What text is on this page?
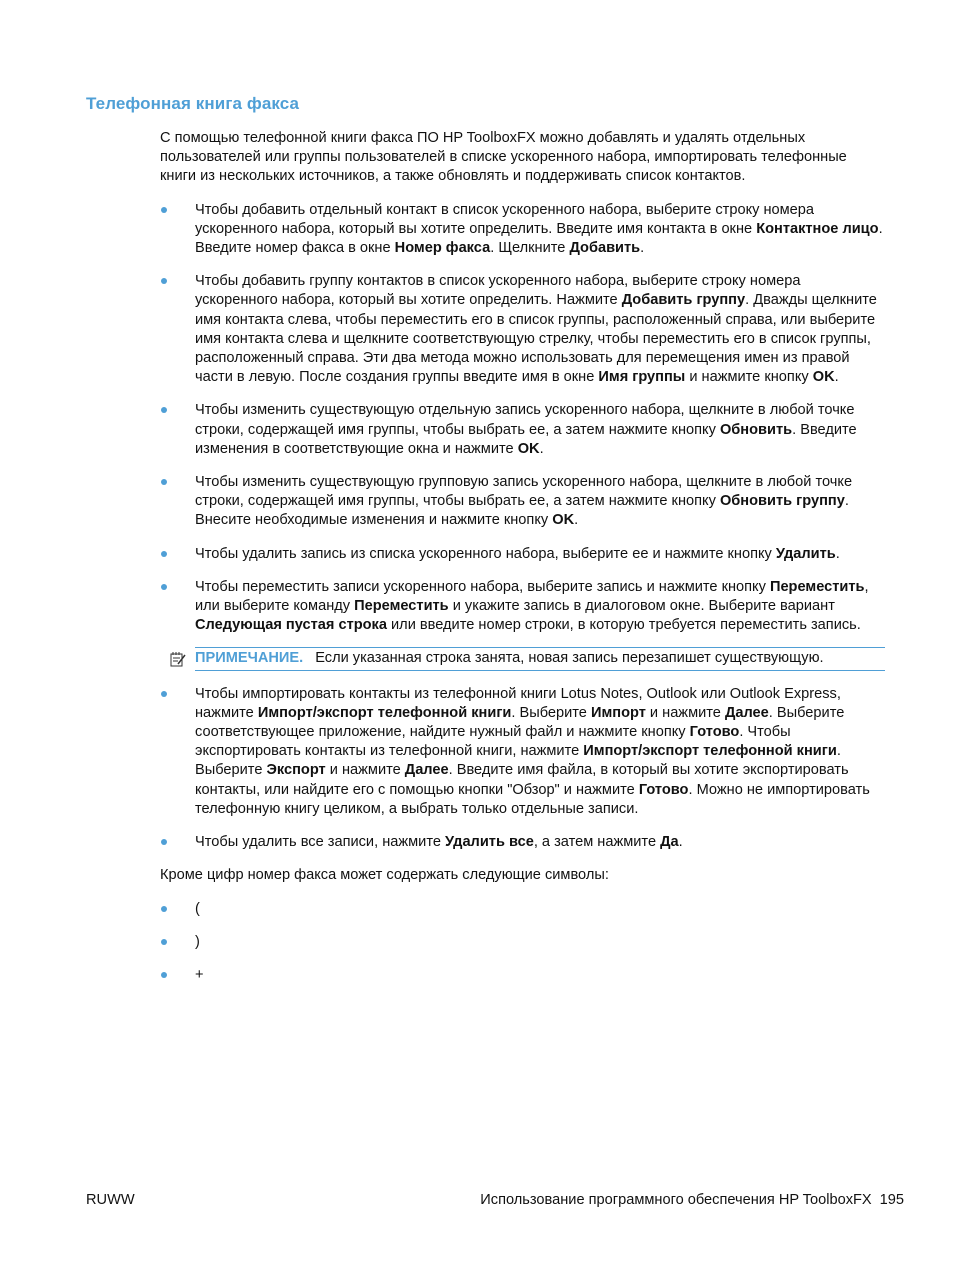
Телефонная книга факса

С помощью телефонной книги факса ПО HP ToolboxFX можно добавлять и удалять отдельных пользователей или группы пользователей в списке ускоренного набора, импортировать телефонные книги из нескольких источников, а также обновлять и поддерживать список контактов.

Чтобы добавить отдельный контакт в список ускоренного набора, выберите строку номера ускоренного набора, который вы хотите определить. Введите имя контакта в окне Контактное лицо. Введите номер факса в окне Номер факса. Щелкните Добавить.
Чтобы добавить группу контактов в список ускоренного набора, выберите строку номера ускоренного набора, который вы хотите определить. Нажмите Добавить группу. Дважды щелкните имя контакта слева, чтобы переместить его в список группы, расположенный справа, или выберите имя контакта слева и щелкните соответствующую стрелку, чтобы переместить его в список группы, расположенный справа. Эти два метода можно использовать для перемещения имен из правой части в левую. После создания группы введите имя в окне Имя группы и нажмите кнопку OK.
Чтобы изменить существующую отдельную запись ускоренного набора, щелкните в любой точке строки, содержащей имя группы, чтобы выбрать ее, а затем нажмите кнопку Обновить. Введите изменения в соответствующие окна и нажмите OK.
Чтобы изменить существующую групповую запись ускоренного набора, щелкните в любой точке строки, содержащей имя группы, чтобы выбрать ее, а затем нажмите кнопку Обновить группу. Внесите необходимые изменения и нажмите кнопку OK.
Чтобы удалить запись из списка ускоренного набора, выберите ее и нажмите кнопку Удалить.
Чтобы переместить записи ускоренного набора, выберите запись и нажмите кнопку Переместить, или выберите команду Переместить и укажите запись в диалоговом окне. Выберите вариант Следующая пустая строка или введите номер строки, в которую требуется переместить запись.
ПРИМЕЧАНИЕ. Если указанная строка занята, новая запись перезапишет существующую.
Чтобы импортировать контакты из телефонной книги Lotus Notes, Outlook или Outlook Express, нажмите Импорт/экспорт телефонной книги. Выберите Импорт и нажмите Далее. Выберите соответствующее приложение, найдите нужный файл и нажмите кнопку Готово. Чтобы экспортировать контакты из телефонной книги, нажмите Импорт/экспорт телефонной книги. Выберите Экспорт и нажмите Далее. Введите имя файла, в который вы хотите экспортировать контакты, или найдите его с помощью кнопки "Обзор" и нажмите Готово. Можно не импортировать телефонную книгу целиком, а выбрать только отдельные записи.
Чтобы удалить все записи, нажмите Удалить все, а затем нажмите Да.

Кроме цифр номер факса может содержать следующие символы:

(
)
+
RUWW	Использование программного обеспечения HP ToolboxFX 195
